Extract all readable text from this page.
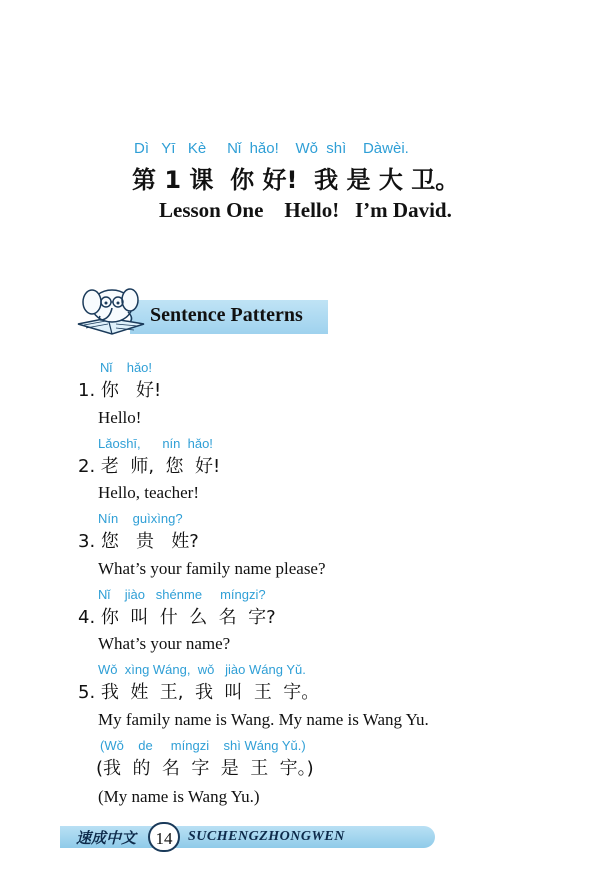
Dì   Yī   Kè     Nǐ  hǎo!    Wǒ  shì    Dàwèi.
第 1 课  你 好!  我 是 大 卫。
Lesson One    Hello!   I’m David.
Sentence Patterns
Nǐ    hǎo!
1. 你   好!
Hello!
Lǎoshī,      nín  hǎo!
2. 老  师,  您  好!
Hello, teacher!
Nín    guìxìng?
3. 您   贵   姓?
What’s your family name please?
Nǐ    jiào   shénme     míngzi?
4. 你  叫  什  么  名  字?
What’s your name?
Wǒ  xìng Wáng,  wǒ   jiào Wáng Yǔ.
5. 我  姓  王,  我  叫  王  宇。
My family name is Wang. My name is Wang Yu.
(Wǒ    de     míngzi    shì Wáng Yǔ.)
(我  的  名  字  是  王  宇。)
(My name is Wang Yu.)
速成中文	14	SUCHENGZHONGWEN
